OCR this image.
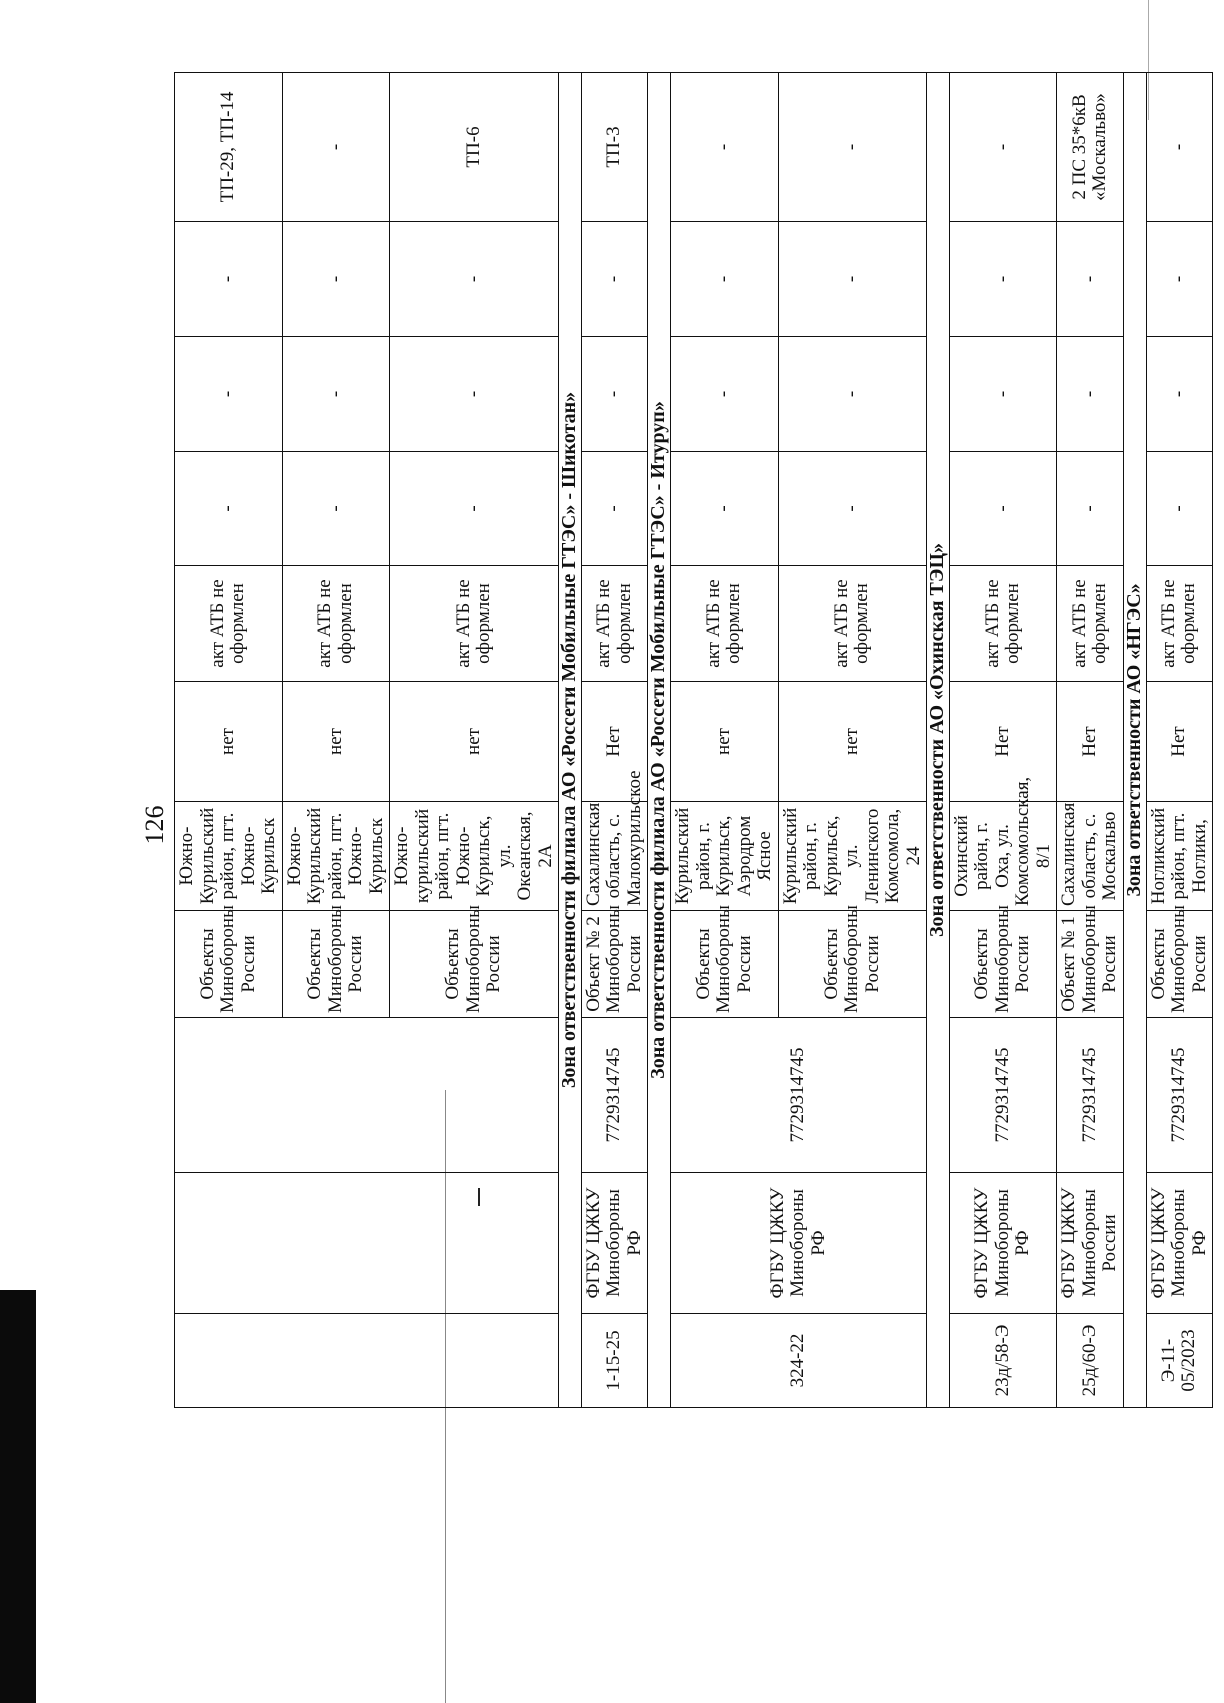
126
			Объекты Минобороны России	Южно-Курильский район, пгт. Южно-Курильск	нет	акт АТБ не оформлен	-	-	-	ТП-29, ТП-14
			Объекты Минобороны России	Южно-Курильский район, пгт. Южно-Курильск	нет	акт АТБ не оформлен	-	-	-	-
			Объекты Минобороны России	Южно-курильский район, пгт. Южно-Курильск, ул. Океанская, 2А	нет	акт АТБ не оформлен	-	-	-	ТП-6
Зона ответственности филиала АО «Россети Мобильные ГТЭС» - Шикотан»										
1-15-25	ФГБУ ЦЖКУ Минобороны РФ	7729314745	Объект № 2 Минобороны России	Сахалинская область, с. Малокурильское	Нет	акт АТБ не оформлен	-	-	-	ТП-3
Зона ответственности филиала АО «Россети Мобильные ГТЭС» - Итуруп»										
324-22	ФГБУ ЦЖКУ Минобороны РФ	7729314745	Объекты Минобороны России	Курильский район, г. Курильск, Аэродром Ясное	нет	акт АТБ не оформлен	-	-	-	-
			Объекты Минобороны России	Курильский район, г. Курильск, ул. Ленинского Комсомола, 24	нет	акт АТБ не оформлен	-	-	-	-
Зона ответственности АО «Охинская ТЭЦ»										
23д/58-Э	ФГБУ ЦЖКУ Минобороны РФ	7729314745	Объекты Минобороны России	Охинский район, г. Оха, ул. Комсомольская, 8/1	Нет	акт АТБ не оформлен	-	-	-	-
25д/60-Э	ФГБУ ЦЖКУ Минобороны России	7729314745	Объект № 1 Минобороны России	Сахалинская область, с. Москальво	Нет	акт АТБ не оформлен	-	-	-	2 ПС 35*6кВ «Москальво»
Зона ответственности АО «НГЭС»										
Э-11-05/2023	ФГБУ ЦЖКУ Минобороны РФ	7729314745	Объекты Минобороны России	Ногликский район, пгт. Ноглики,	Нет	акт АТБ не оформлен	-	-	-	-
